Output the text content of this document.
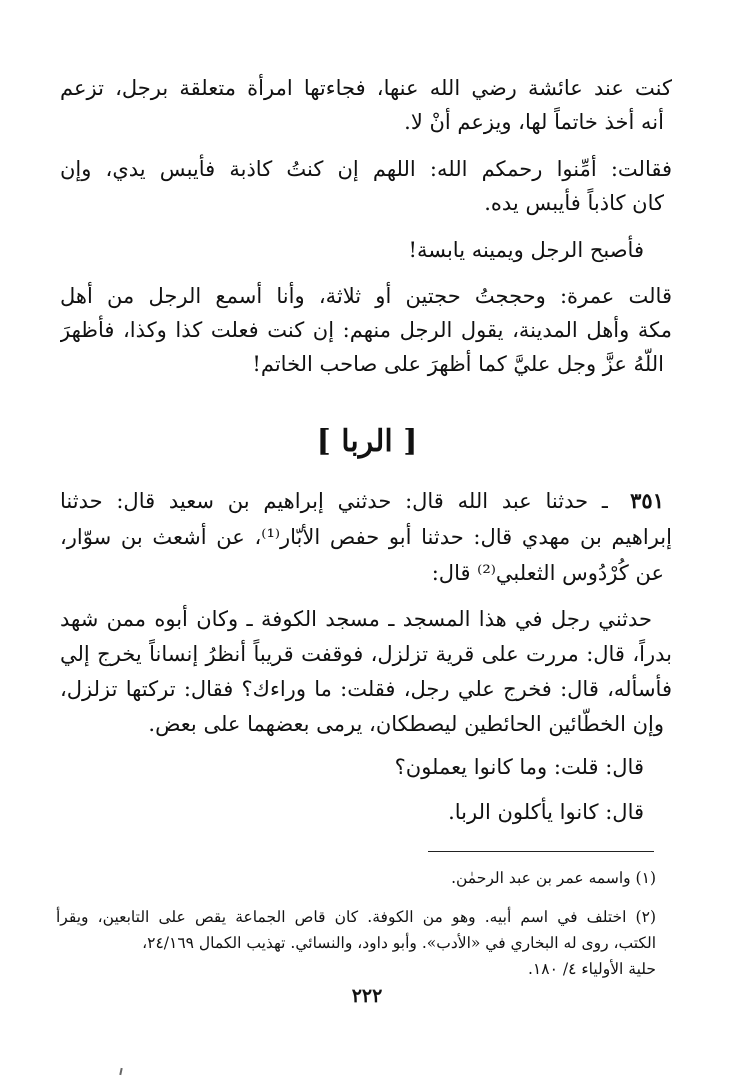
كنت عند عائشة رضي الله عنها، فجاءتها امرأة متعلقة برجل، تزعم
أنه أخذ خاتماً لها، ويزعم أنْ لا.
فقالت: أمِّنوا رحمكم الله: اللهم إن كنتُ كاذبة فأيبس يدي، وإن
كان كاذباً فأيبس يده.
فأصبح الرجل ويمينه يابسة!
قالت عمرة: وحججتُ حجتين أو ثلاثة، وأنا أسمع الرجل من أهل
مكة وأهل المدينة، يقول الرجل منهم: إن كنت فعلت كذا وكذا، فأظهرَ
اللّهُ عزَّ وجل عليَّ كما أظهرَ على صاحب الخاتم!
[ الربا ]
٣٥١
ـ حدثنا عبد الله قال: حدثني إبراهيم بن سعيد قال: حدثنا
إبراهيم بن مهدي قال: حدثنا أبو حفص الأبّار⁽¹⁾، عن أشعث بن سوّار،
عن كُرْدُوس الثعلبي⁽²⁾ قال:
حدثني رجل في هذا المسجد ـ مسجد الكوفة ـ وكان أبوه ممن شهد
بدراً، قال: مررت على قرية تزلزل، فوقفت قريباً أنظرُ إنساناً يخرج إلي
فأسأله، قال: فخرج علي رجل، فقلت: ما وراءك؟ فقال: تركتها تزلزل،
وإن الخطّائين الحائطين ليصطكان، يرمى بعضهما على بعض.
قال: قلت: وما كانوا يعملون؟
قال: كانوا يأكلون الربا.
(١) واسمه عمر بن عبد الرحمٰن.
(٢) اختلف في اسم أبيه. وهو من الكوفة. كان قاص الجماعة يقص على التابعين، ويقرأ
الكتب، روى له البخاري في «الأدب». وأبو داود، والنسائي. تهذيب الكمال ٢٤/١٦٩،
حلية الأولياء ٤/ ١٨٠.
٢٢٢
